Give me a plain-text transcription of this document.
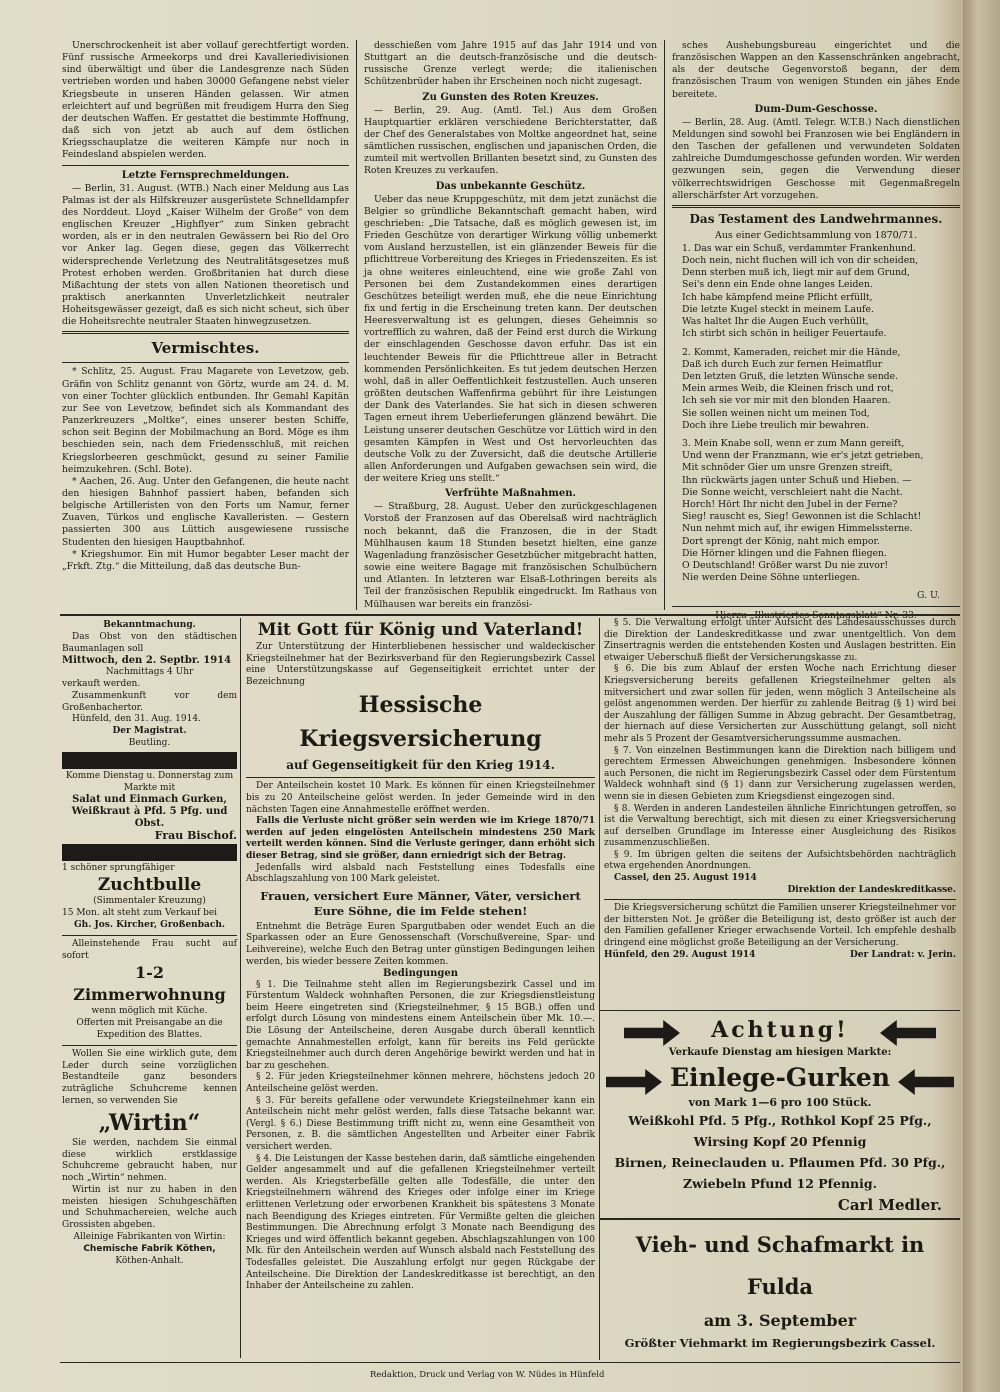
Unerschrockenheit ist aber vollauf gerechtfertigt worden. Fünf russische Armeekorps und drei Kavalleriedivisionen sind überwältigt und über die Landesgrenze nach Süden vertrieben worden und haben 30000 Gefangene nebst vieler Kriegsbeute in unseren Händen gelassen. Wir atmen erleichtert auf und begrüßen mit freudigem Hurra den Sieg der deutschen Waffen. Er gestattet die bestimmte Hoffnung, daß sich von jetzt ab auch auf dem östlichen Kriegsschauplatze die weiteren Kämpfe nur noch in Feindesland abspielen werden.

Letzte Fernsprechmeldungen.

— Berlin, 31. August. (WTB.) Nach einer Meldung aus Las Palmas ist der als Hilfskreuzer ausgerüstete Schnelldampfer des Norddeut. Lloyd „Kaiser Wilhelm der Große“ von dem englischen Kreuzer „Highflyer“ zum Sinken gebracht worden, als er in den neutralen Gewässern bei Rio del Oro vor Anker lag. Gegen diese, gegen das Völkerrecht widersprechende Verletzung des Neutralitätsgesetzes muß Protest erhoben werden. Großbritanien hat durch diese Mißachtung der stets von allen Nationen theoretisch und praktisch anerkannten Unverletzlichkeit neutraler Hoheitsgewässer gezeigt, daß es sich nicht scheut, sich über die Hoheitsrechte neutraler Staaten hinwegzusetzen.

Vermischtes.

* Schlitz, 25. August. Frau Magarete von Levetzow, geb. Gräfin von Schlitz genannt von Görtz, wurde am 24. d. M. von einer Tochter glücklich entbunden. Ihr Gemahl Kapitän zur See von Levetzow, befindet sich als Kommandant des Panzerkreuzers „Moltke“, eines unserer besten Schiffe, schon seit Beginn der Mobilmachung an Bord. Möge es ihm beschieden sein, nach dem Friedensschluß, mit reichen Kriegslorbeeren geschmückt, gesund zu seiner Familie heimzukehren. (Schl. Bote).

* Aachen, 26. Aug. Unter den Gefangenen, die heute nacht den hiesigen Bahnhof passiert haben, befanden sich belgische Artilleristen von den Forts um Namur, ferner Zuaven, Türkos und englische Kavalleristen. — Gestern passierten 300 aus Lüttich ausgewiesene russische Studenten den hiesigen Hauptbahnhof.

* Kriegshumor. Ein mit Humor begabter Leser macht der „Frkft. Ztg.“ die Mitteilung, daß das deutsche Bun-

desschießen vom Jahre 1915 auf das Jahr 1914 und von Stuttgart an die deutsch-französische und die deutsch-russische Grenze verlegt werde; die italienischen Schützenbrüder haben ihr Erscheinen noch nicht zugesagt.

Zu Gunsten des Roten Kreuzes.

— Berlin, 29. Aug. (Amtl. Tel.) Aus dem Großen Hauptquartier erklären verschiedene Berichterstatter, daß der Chef des Generalstabes von Moltke angeordnet hat, seine sämtlichen russischen, englischen und japanischen Orden, die zumteil mit wertvollen Brillanten besetzt sind, zu Gunsten des Roten Kreuzes zu verkaufen.

Das unbekannte Geschütz.

Ueber das neue Kruppgeschütz, mit dem jetzt zunächst die Belgier so gründliche Bekanntschaft gemacht haben, wird geschrieben: „Die Tatsache, daß es möglich gewesen ist, im Frieden Geschütze von derartiger Wirkung völlig unbemerkt vom Ausland herzustellen, ist ein glänzender Beweis für die pflichttreue Vorbereitung des Krieges in Friedenszeiten. Es ist ja ohne weiteres einleuchtend, eine wie große Zahl von Personen bei dem Zustandekommen eines derartigen Geschützes beteiligt werden muß, ehe die neue Einrichtung fix und fertig in die Erscheinung treten kann. Der deutschen Heeresverwaltung ist es gelungen, dieses Geheimnis so vortrefflich zu wahren, daß der Feind erst durch die Wirkung der einschlagenden Geschosse davon erfuhr. Das ist ein leuchtender Beweis für die Pflichttreue aller in Betracht kommenden Persönlichkeiten. Es tut jedem deutschen Herzen wohl, daß in aller Oeffentlichkeit festzustellen. Auch unseren größten deutschen Waffenfirma gebührt für ihre Leistungen der Dank des Vaterlandes. Sie hat sich in diesen schweren Tagen erneut ihrem Ueberlieferungen glänzend bewährt. Die Leistung unserer deutschen Geschütze vor Lüttich wird in den gesamten Kämpfen in West und Ost hervorleuchten das deutsche Volk zu der Zuversicht, daß die deutsche Artillerie allen Anforderungen und Aufgaben gewachsen sein wird, die der weitere Krieg uns stellt.“

Verfrühte Maßnahmen.

— Straßburg, 28. August. Ueber den zurückgeschlagenen Vorstoß der Franzosen auf das Oberelsaß wird nachträglich noch bekannt, daß die Franzosen, die in der Stadt Mühlhausen kaum 18 Stunden besetzt hielten, eine ganze Wagenladung französischer Gesetzbücher mitgebracht hatten, sowie eine weitere Bagage mit französischen Schulbüchern und Atlanten. In letzteren war Elsaß-Lothringen bereits als Teil der französischen Republik eingedruckt. Im Rathaus von Mülhausen war bereits ein französi-

sches Aushebungsbureau eingerichtet und die französischen Wappen an den Kassenschränken angebracht, als der deutsche Gegenvorstoß begann, der dem französischen Traum von wenigen Stunden ein jähes Ende bereitete.

Dum-Dum-Geschosse.

— Berlin, 28. Aug. (Amtl. Telegr. W.T.B.) Nach dienstlichen Meldungen sind sowohl bei Franzosen wie bei Engländern in den Taschen der gefallenen und verwundeten Soldaten zahlreiche Dumdumgeschosse gefunden worden. Wir werden gezwungen sein, gegen die Verwendung dieser völkerrechtswidrigen Geschosse mit Gegenmaßregeln allerschärfster Art vorzugehen.

Das Testament des Landwehrmannes.
Aus einer Gedichtsammlung von 1870/71.
1. Das war ein Schuß, verdammter Frankenhund.
Doch nein, nicht fluchen will ich von dir scheiden,
Denn sterben muß ich, liegt mir auf dem Grund,
Sei's denn ein Ende ohne langes Leiden.
Ich habe kämpfend meine Pflicht erfüllt,
Die letzte Kugel steckt in meinem Laufe.
Was haltet Ihr die Augen Euch verhüllt,
Ich stirbt sich schön in heiliger Feuertaufe.
2. Kommt, Kameraden, reichet mir die Hände,
Daß ich durch Euch zur fernen Heimatflur
Den letzten Gruß, die letzten Wünsche sende.
Mein armes Weib, die Kleinen frisch und rot,
Ich seh sie vor mir mit den blonden Haaren.
Sie sollen weinen nicht um meinen Tod,
Doch ihre Liebe treulich mir bewahren.
3. Mein Knabe soll, wenn er zum Mann gereift,
Und wenn der Franzmann, wie er's jetzt getrieben,
Mit schnöder Gier um unsre Grenzen streift,
Ihn rückwärts jagen unter Schuß und Hieben. —
Die Sonne weicht, verschleiert naht die Nacht.
Horch! Hört Ihr nicht den Jubel in der Ferne?
Sieg! rauscht es, Sieg! Gewonnen ist die Schlacht!
Nun nehmt mich auf, ihr ewigen Himmelssterne.
Dort sprengt der König, naht mich empor.
Die Hörner klingen und die Fahnen fliegen.
O Deutschland! Größer warst Du nie zuvor!
Nie werden Deine Söhne unterliegen.
G. U.
Bekanntmachung.
Das Obst von den städtischen Baumanlagen soll
Mittwoch, den 2. Septbr. 1914
Nachmittags 4 Uhr
verkauft werden.
Zusammenkunft vor dem Großenbachertor.
Hünfeld, den 31. Aug. 1914.
Der Magistrat.
Beutling.
Komme Dienstag u. Donnerstag zum Markte mit
Salat und Einmach Gurken, Weißkraut à Pfd. 5 Pfg. und Obst.
Frau Bischof.
1 schöner sprungfähiger
Zuchtbulle
(Simmentaler Kreuzung)
15 Mon. alt steht zum Verkauf bei
Gh. Jos. Kircher, Großenbach.
Alleinstehende Frau sucht auf sofort
1-2 Zimmerwohnung
wenn möglich mit Küche.
Offerten mit Preisangabe an die Expedition des Blattes.
Wollen Sie eine wirklich gute, dem Leder durch seine vorzüglichen Bestandteile ganz besonders zuträgliche Schuhcreme kennen lernen, so verwenden Sie
„Wirtin“
Sie werden, nachdem Sie einmal diese wirklich erstklassige Schuhcreme gebraucht haben, nur noch „Wirtin“ nehmen.
Wirtin ist nur zu haben in den meisten hiesigen Schuhgeschäften und Schuhmachereien, welche auch Grossisten abgeben.
Alleinige Fabrikanten von Wirtin:
Chemische Fabrik Köthen,
Köthen-Anhalt.
Mit Gott für König und Vaterland!

Zur Unterstützung der Hinterbliebenen hessischer und waldeckischer Kriegsteilnehmer hat der Bezirksverband für den Regierungsbezirk Cassel eine Unterstützungskasse auf Gegenseitigkeit errichtet unter der Bezeichnung

Hessische Kriegsversicherung
auf Gegenseitigkeit für den Krieg 1914.

Der Anteilschein kostet 10 Mark. Es können für einen Kriegsteilnehmer bis zu 20 Anteilscheine gelöst werden. In jeder Gemeinde wird in den nächsten Tagen eine Annahmestelle eröffnet werden.

Falls die Verluste nicht größer sein werden wie im Kriege 1870/71 werden auf jeden eingelösten Anteilschein mindestens 250 Mark verteilt werden können. Sind die Verluste geringer, dann erhöht sich dieser Betrag, sind sie größer, dann erniedrigt sich der Betrag.

Jedenfalls wird alsbald nach Feststellung eines Todesfalls eine Abschlagszahlung von 100 Mark geleistet.

Frauen, versichert Eure Männer, Väter, versichert Eure Söhne, die im Felde stehen!

Entnehmt die Beträge Euren Spargutbaben oder wendet Euch an die Sparkassen oder an Eure Genossenschaft (Vorschußvereine, Spar- und Leihvereine), welche Euch den Betrag unter günstigen Bedingungen leihen werden, bis wieder bessere Zeiten kommen.

Bedingungen

§ 1. Die Teilnahme steht allen im Regierungsbezirk Cassel und im Fürstentum Waldeck wohnhaften Personen, die zur Kriegsdienstleistung beim Heere eingetreten sind (Kriegsteilnehmer, § 15 BGB.) offen und erfolgt durch Lösung von mindestens einem Anteilschein über Mk. 10.—. Die Lösung der Anteilscheine, deren Ausgabe durch überall kenntlich gemachte Annahmestellen erfolgt, kann für bereits ins Feld gerückte Kriegsteilnehmer auch durch deren Angehörige bewirkt werden und hat in bar zu geschehen.

§ 2. Für jeden Kriegsteilnehmer können mehrere, höchstens jedoch 20 Anteilscheine gelöst werden.

§ 3. Für bereits gefallene oder verwundete Kriegsteilnehmer kann ein Anteilschein nicht mehr gelöst werden, falls diese Tatsache bekannt war. (Vergl. § 6.) Diese Bestimmung trifft nicht zu, wenn eine Gesamtheit von Personen, z. B. die sämtlichen Angestellten und Arbeiter einer Fabrik versichert werden.

§ 4. Die Leistungen der Kasse bestehen darin, daß sämtliche eingehenden Gelder angesammelt und auf die gefallenen Kriegsteilnehmer verteilt werden. Als Kriegsterbefälle gelten alle Todesfälle, die unter den Kriegsteilnehmern während des Krieges oder infolge einer im Kriege erlittenen Verletzung oder erworbenen Krankheit bis spätestens 3 Monate nach Beendigung des Krieges eintreten. Für Vermißte gelten die gleichen Bestimmungen. Die Abrechnung erfolgt 3 Monate nach Beendigung des Krieges und wird öffentlich bekannt gegeben. Abschlagszahlungen von 100 Mk. für den Anteilschein werden auf Wunsch alsbald nach Feststellung des Todesfalles geleistet. Die Auszahlung erfolgt nur gegen Rückgabe der Anteilscheine. Die Direktion der Landeskreditkasse ist berechtigt, an den Inhaber der Anteilscheine zu zahlen.

§ 5. Die Verwaltung erfolgt unter Aufsicht des Landesausschusses durch die Direktion der Landeskreditkasse und zwar unentgeltlich. Von dem Zinsertragnis werden die entstehenden Kosten und Auslagen bestritten. Ein etwaiger Ueberschuß fließt der Versicherungskasse zu.

§ 6. Die bis zum Ablauf der ersten Woche nach Errichtung dieser Kriegsversicherung bereits gefallenen Kriegsteilnehmer gelten als mitversichert und zwar sollen für jeden, wenn möglich 3 Anteilscheine als gelöst angenommen werden. Der hierfür zu zahlende Beitrag (§ 1) wird bei der Auszahlung der fälligen Summe in Abzug gebracht. Der Gesamtbetrag, der hiernach auf diese Versicherten zur Ausschüttung gelangt, soll nicht mehr als 5 Prozent der Gesamtversicherungssumme ausmachen.

§ 7. Von einzelnen Bestimmungen kann die Direktion nach billigem und gerechtem Ermessen Abweichungen genehmigen. Insbesondere können auch Personen, die nicht im Regierungsbezirk Cassel oder dem Fürstentum Waldeck wohnhaft sind (§ 1) dann zur Versicherung zugelassen werden, wenn sie in diesen Gebieten zum Kriegsdienst eingezogen sind.

§ 8. Werden in anderen Landesteilen ähnliche Einrichtungen getroffen, so ist die Verwaltung berechtigt, sich mit diesen zu einer Kriegsversicherung auf derselben Grundlage im Interesse einer Ausgleichung des Risikos zusammenzuschließen.

§ 9. Im übrigen gelten die seitens der Aufsichtsbehörden nachträglich etwa ergehenden Anordnungen.

Cassel, den 25. August 1914
Direktion der Landeskreditkasse.

Die Kriegsversicherung schützt die Familien unserer Kriegsteilnehmer vor der bittersten Not. Je größer die Beteiligung ist, desto größer ist auch der den Familien gefallener Krieger erwachsende Vorteil. Ich empfehle deshalb dringend eine möglichst große Beteiligung an der Versicherung.

Hünfeld, den 29. August 1914	Der Landrat: v. Jerin.
Achtung!
Verkaufe Dienstag am hiesigen Markte:
Einlege-Gurken
von Mark 1—6 pro 100 Stück.
Weißkohl Pfd. 5 Pfg., Rothkol Kopf 25 Pfg.,
Wirsing Kopf 20 Pfennig
Birnen, Reineclauden u. Pflaumen Pfd. 30 Pfg.,
Zwiebeln Pfund 12 Pfennig.
Carl Medler.
Vieh- und Schafmarkt in Fulda
am 3. September
Größter Viehmarkt im Regierungsbezirk Cassel.
Redaktion, Druck und Verlag von W. Nüdes in Hünfeld
